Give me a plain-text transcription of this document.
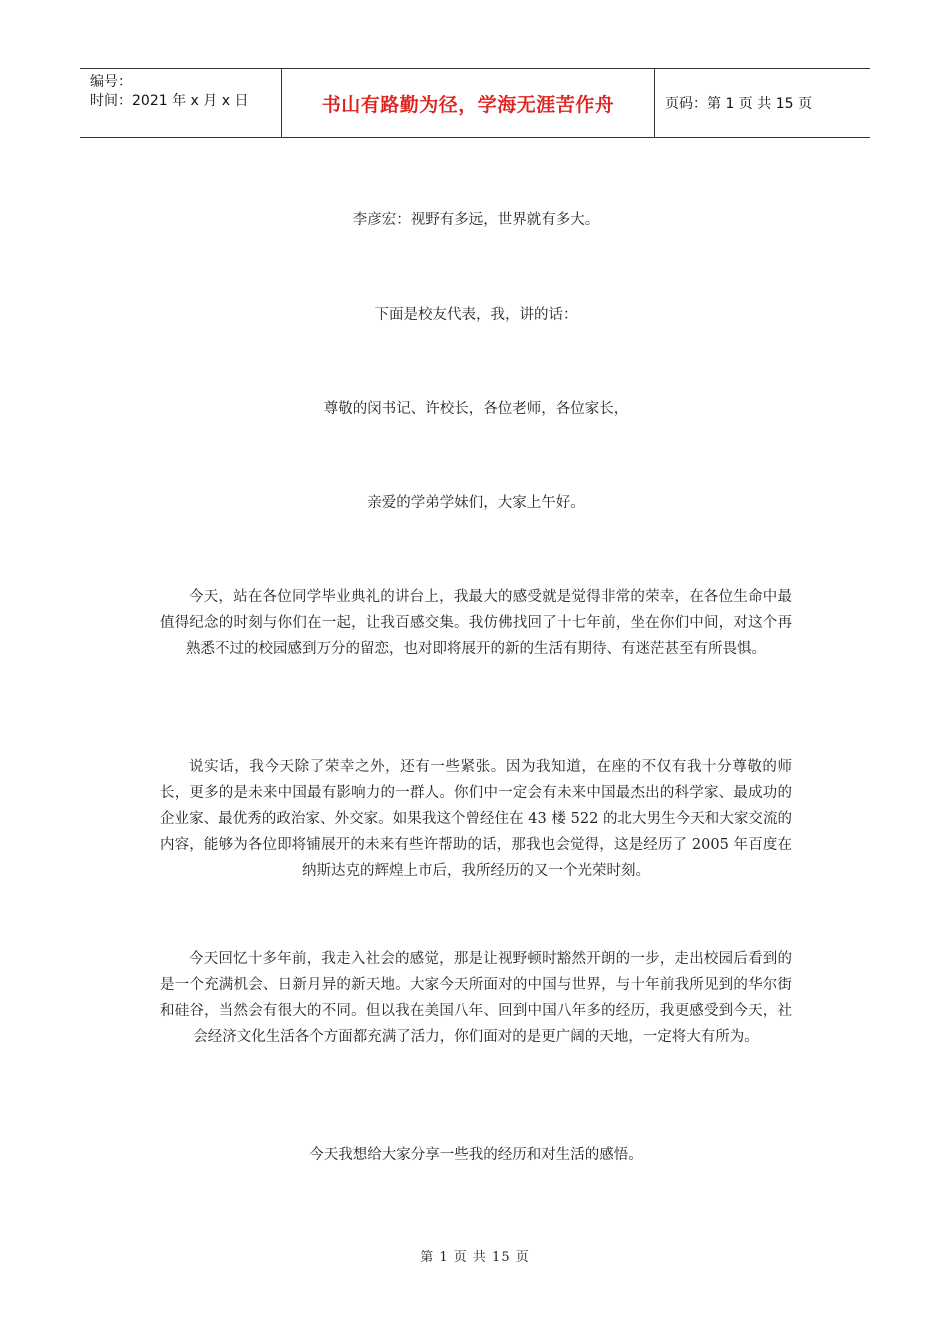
编号：
时间：2021 年 x 月 x 日	书山有路勤为径，学海无涯苦作舟	页码：第 1 页 共 15 页

李彦宏：视野有多远，世界就有多大。

下面是校友代表，我，讲的话：

尊敬的闵书记、许校长，各位老师，各位家长，

亲爱的学弟学妹们，大家上午好。

今天，站在各位同学毕业典礼的讲台上，我最大的感受就是觉得非常的荣幸，在各位生命中最值得纪念的时刻与你们在一起，让我百感交集。我仿佛找回了十七年前，坐在你们中间，对这个再熟悉不过的校园感到万分的留恋，也对即将展开的新的生活有期待、有迷茫甚至有所畏惧。

说实话，我今天除了荣幸之外，还有一些紧张。因为我知道，在座的不仅有我十分尊敬的师长，更多的是未来中国最有影响力的一群人。你们中一定会有未来中国最杰出的科学家、最成功的企业家、最优秀的政治家、外交家。如果我这个曾经住在 43 楼 522 的北大男生今天和大家交流的内容，能够为各位即将铺展开的未来有些许帮助的话，那我也会觉得，这是经历了 2005 年百度在纳斯达克的辉煌上市后，我所经历的又一个光荣时刻。

今天回忆十多年前，我走入社会的感觉，那是让视野顿时豁然开朗的一步，走出校园后看到的是一个充满机会、日新月异的新天地。大家今天所面对的中国与世界，与十年前我所见到的华尔街和硅谷，当然会有很大的不同。但以我在美国八年、回到中国八年多的经历，我更感受到今天，社会经济文化生活各个方面都充满了活力，你们面对的是更广阔的天地，一定将大有所为。

今天我想给大家分享一些我的经历和对生活的感悟。

第 1 页 共 15 页
